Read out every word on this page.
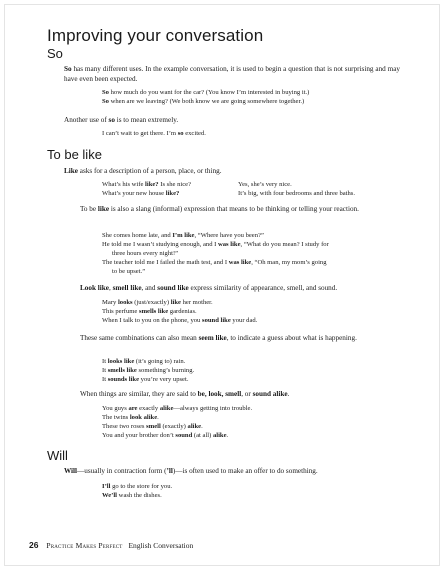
Improving your conversation
So

So has many different uses. In the example conversation, it is used to begin a question that is not surprising and may have even been expected.

So how much do you want for the car? (You know I’m interested in buying it.)
So when are we leaving? (We both know we are going somewhere together.)

Another use of so is to mean extremely.

I can’t wait to get there. I’m so excited.
To be like

Like asks for a description of a person, place, or thing.

What’s his wife like? Is she nice?
What’s your new house like?
Yes, she’s very nice.
It’s big, with four bedrooms and three baths.

To be like is also a slang (informal) expression that means to be thinking or telling your reaction.

She comes home late, and I’m like, “Where have you been?”
He told me I wasn’t studying enough, and I was like, “What do you mean? I study for
three hours every night!”
The teacher told me I failed the math test, and I was like, “Oh man, my mom’s going
to be upset.”

Look like, smell like, and sound like express similarity of appearance, smell, and sound.

Mary looks (just/exactly) like her mother.
This perfume smells like gardenias.
When I talk to you on the phone, you sound like your dad.

These same combinations can also mean seem like, to indicate a guess about what is happening.

It looks like (it’s going to) rain.
It smells like something’s burning.
It sounds like you’re very upset.

When things are similar, they are said to be, look, smell, or sound alike.

You guys are exactly alike—always getting into trouble.
The twins look alike.
These two roses smell (exactly) alike.
You and your brother don’t sound (at all) alike.
Will

Will—usually in contraction form (’ll)—is often used to make an offer to do something.

I’ll go to the store for you.
We’ll wash the dishes.
26 Practice Makes Perfect English Conversation
